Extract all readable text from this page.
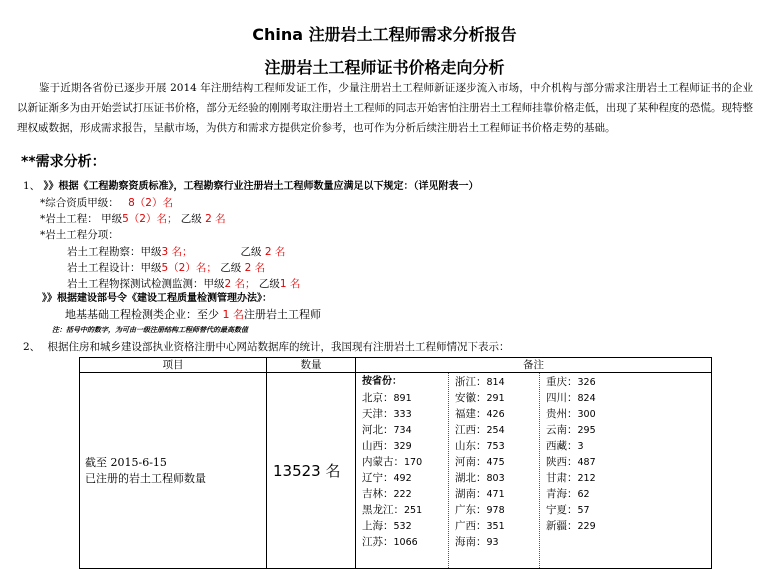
China 注册岩土工程师需求分析报告
注册岩土工程师证书价格走向分析
鉴于近期各省份已逐步开展 2014 年注册结构工程师发证工作，少量注册岩土工程师新证逐步流入市场，中介机构与部分需求注册岩土工程师证书的企业以新证渐多为由开始尝试打压证书价格，部分无经验的刚刚考取注册岩土工程师的同志开始害怕注册岩土工程师挂靠价格走低，出现了某种程度的恐慌。现特整理权威数据，形成需求报告，呈献市场，为供方和需求方提供定价参考，也可作为分析后续注册岩土工程师证书价格走势的基础。
**需求分析：
1、 》》根据《工程勘察资质标准》，工程勘察行业注册岩土工程师数量应满足以下规定：（详见附表一）
*综合资质甲级： 8（2）名
*岩土工程： 甲级5（2）名； 乙级 2 名
*岩土工程分项：
岩土工程勘察：甲级3 名；	乙级 2 名
岩土工程设计：甲级5（2）名； 乙级 2 名
岩土工程物探测试检测监测：甲级2 名； 乙级1 名
》》根据建设部号令《建设工程质量检测管理办法》：
地基基础工程检测类企业：至少 1 名注册岩土工程师
注：括号中的数字，为可由一级注册结构工程师替代的最高数值
2、 根据住房和城乡建设部执业资格注册中心网站数据库的统计，我国现有注册岩土工程师情况下表示：
项目	数量	备注

截至 2015-6-15
已注册的岩土工程师数量	13523 名	
按省份：
北京：891
天津：333
河北：734
山西：329
内蒙古：170
辽宁：492
吉林：222
黑龙江：251
上海：532
江苏：1066
浙江：814
安徽：291
福建：426
江西：254
山东：753
河南：475
湖北：803
湖南：471
广东：978
广西：351
海南：93
重庆：326
四川：824
贵州：300
云南：295
西藏：3
陕西：487
甘肃：212
青海：62
宁夏：57
新疆：229
